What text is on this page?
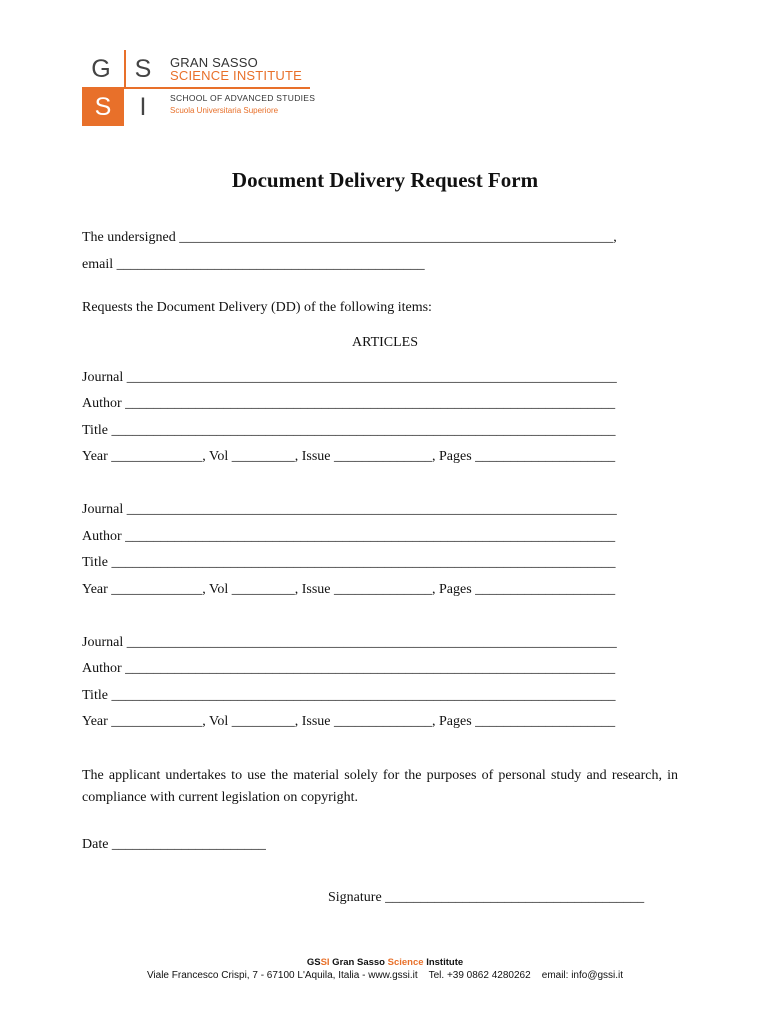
G S
S	I
GRAN SASSO
SCIENCE INSTITUTE
SCHOOL OF ADVANCED STUDIES
Scuola Universitaria Superiore
Document Delivery Request Form
The undersigned ______________________________________________________________,
email ____________________________________________
Requests the Document Delivery (DD) of the following items:
ARTICLES
Journal ______________________________________________________________________
Author ______________________________________________________________________
Title ________________________________________________________________________
Year _____________, Vol _________, Issue ______________, Pages ____________________
Journal ______________________________________________________________________
Author ______________________________________________________________________
Title ________________________________________________________________________
Year _____________, Vol _________, Issue ______________, Pages ____________________
Journal ______________________________________________________________________
Author ______________________________________________________________________
Title ________________________________________________________________________
Year _____________, Vol _________, Issue ______________, Pages ____________________
The applicant undertakes to use the material solely for the purposes of personal study and research, in compliance with current legislation on copyright.
Date ______________________
Signature _____________________________________
GSSI Gran Sasso Science Institute
Viale Francesco Crispi, 7 - 67100 L'Aquila, Italia - www.gssi.it    Tel. +39 0862 4280262    email: info@gssi.it
